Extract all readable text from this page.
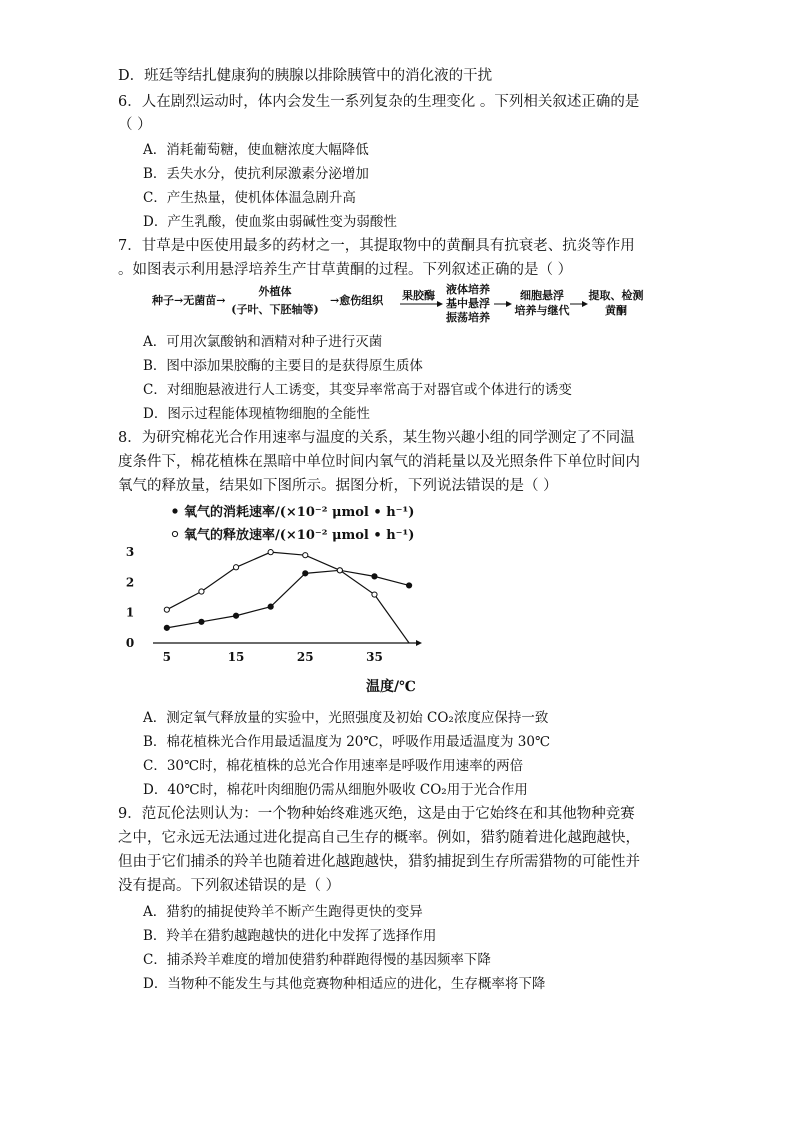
D．班廷等结扎健康狗的胰腺以排除胰管中的消化液的干扰
6．人在剧烈运动时，体内会发生一系列复杂的生理变化 。下列相关叙述正确的是
（ ）
A．消耗葡萄糖，使血糖浓度大幅降低
B．丢失水分，使抗利尿激素分泌增加
C．产生热量，使机体体温急剧升高
D．产生乳酸，使血浆由弱碱性变为弱酸性
7．甘草是中医使用最多的药材之一，其提取物中的黄酮具有抗衰老、抗炎等作用
。如图表示利用悬浮培养生产甘草黄酮的过程。下列叙述正确的是（ ）
种子→无菌苗→
外植体
(子叶、下胚轴等)
→愈伤组织 果胶酶 液体培养
基中悬浮
振荡培养
细胞悬浮
培养与继代
提取、检测
黄酮
A．可用次氯酸钠和酒精对种子进行灭菌
B．图中添加果胶酶的主要目的是获得原生质体
C．对细胞悬液进行人工诱变，其变异率常高于对器官或个体进行的诱变
D．图示过程能体现植物细胞的全能性
8．为研究棉花光合作用速率与温度的关系，某生物兴趣小组的同学测定了不同温
度条件下，棉花植株在黑暗中单位时间内氧气的消耗量以及光照条件下单位时间内
氧气的释放量，结果如下图所示。据图分析，下列说法错误的是（ ）
氧气的消耗速率/(×10⁻² μmol • h⁻¹)
氧气的释放速率/(×10⁻² μmol • h⁻¹)
5	15	25	35
0
1
2
3
温度/℃
A．测定氧气释放量的实验中，光照强度及初始 CO₂浓度应保持一致
B．棉花植株光合作用最适温度为 20℃，呼吸作用最适温度为 30℃
C．30℃时，棉花植株的总光合作用速率是呼吸作用速率的两倍
D．40℃时，棉花叶肉细胞仍需从细胞外吸收 CO₂用于光合作用
9．范瓦伦法则认为：一个物种始终难逃灭绝，这是由于它始终在和其他物种竞赛
之中，它永远无法通过进化提高自己生存的概率。例如，猎豹随着进化越跑越快，
但由于它们捕杀的羚羊也随着进化越跑越快，猎豹捕捉到生存所需猎物的可能性并
没有提高。下列叙述错误的是（ ）
A．猎豹的捕捉使羚羊不断产生跑得更快的变异
B．羚羊在猎豹越跑越快的进化中发挥了选择作用
C．捕杀羚羊难度的增加使猎豹种群跑得慢的基因频率下降
D．当物种不能发生与其他竞赛物种相适应的进化，生存概率将下降
